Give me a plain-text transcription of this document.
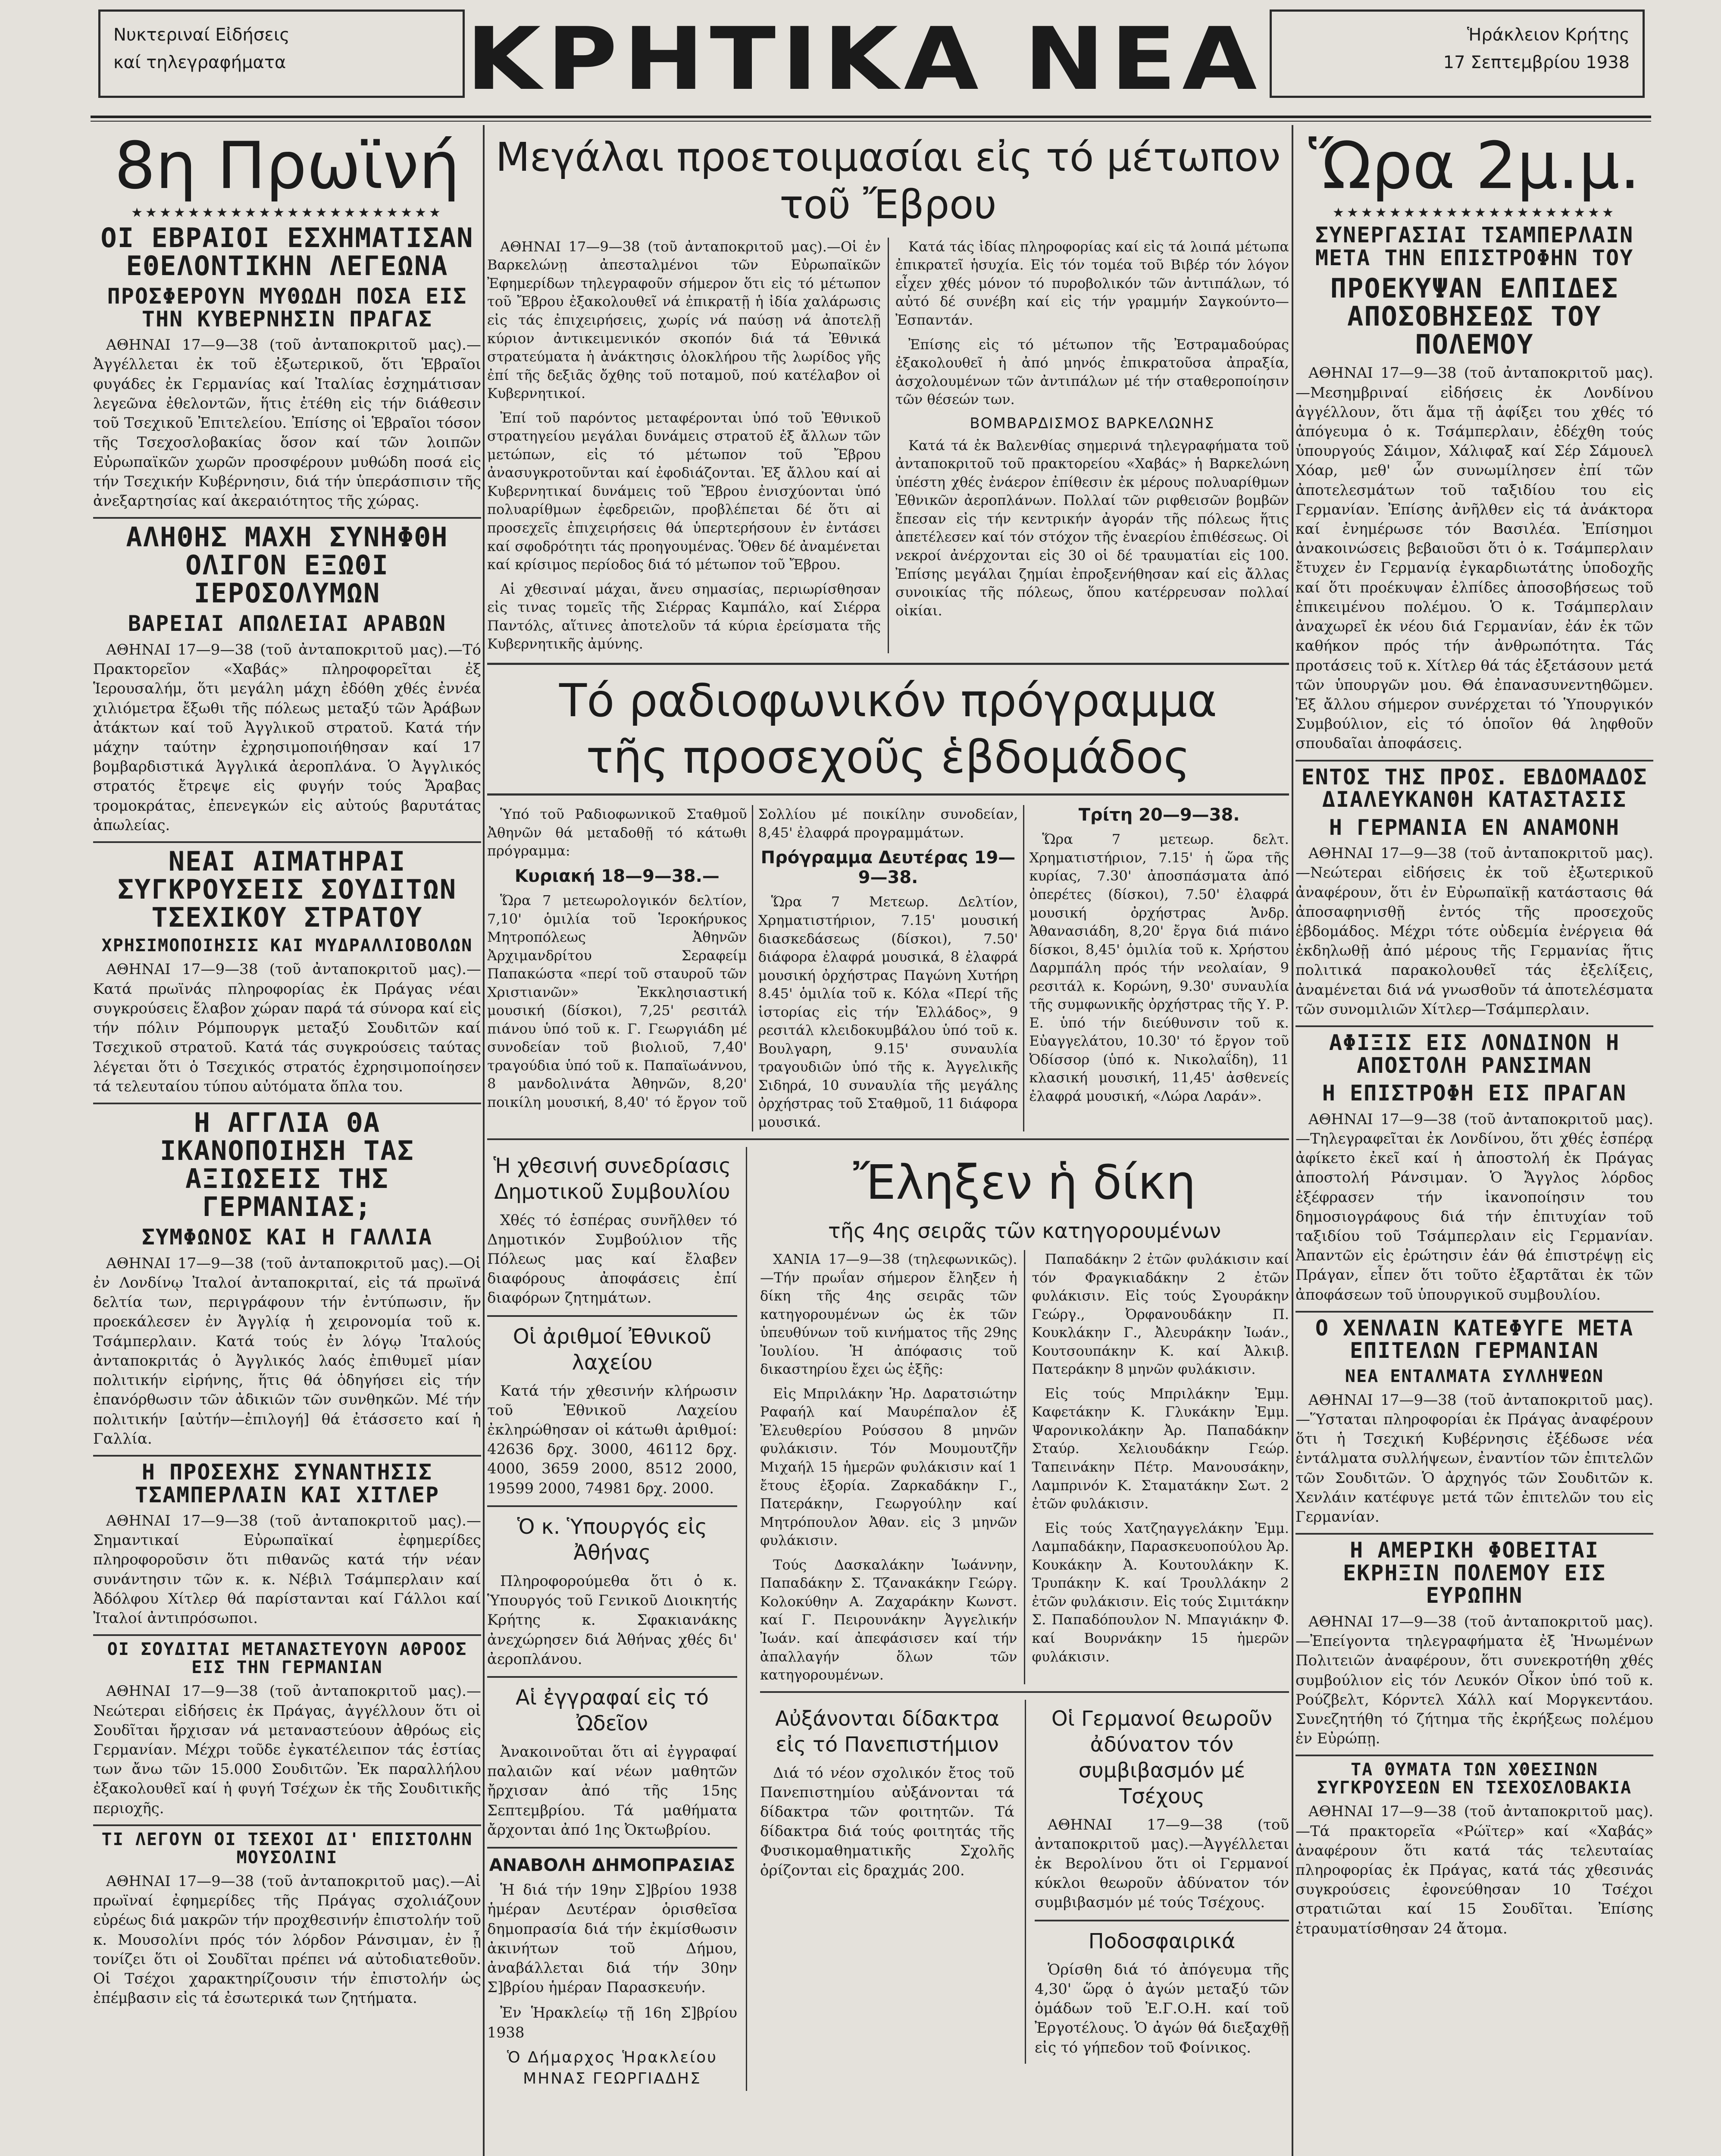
Νυκτεριναί Εἰδήσεις
καί τηλεγραφήματα	ΚΡΗΤΙΚΑ ΝΕΑ	Ἡράκλειον Κρήτης
17 Σεπτεμβρίου 1938
8η Πρωϊνή
★★★★★★★★★★★★★★★★★★★★★★
ΟΙ ΕΒΡΑΙΟΙ ΕΣΧΗΜΑΤΙΣΑΝ ΕΘΕΛΟΝΤΙΚΗΝ ΛΕΓΕΩΝΑ
ΠΡΟΣΦΕΡΟΥΝ ΜΥΘΩΔΗ ΠΟΣΑ ΕΙΣ ΤΗΝ ΚΥΒΕΡΝΗΣΙΝ ΠΡΑΓΑΣ

ΑΘΗΝΑΙ 17—9—38 (τοῦ ἀνταποκριτοῦ μας).—Ἀγγέλλεται ἐκ τοῦ ἐξωτερικοῦ, ὅτι Ἑβραῖοι φυγάδες ἐκ Γερμανίας καί Ἰταλίας ἐσχημάτισαν λεγεῶνα ἐθελοντῶν, ἥτις ἐτέθη εἰς τήν διάθεσιν τοῦ Τσεχικοῦ Ἐπιτελείου. Ἐπίσης οἱ Ἑβραῖοι τόσον τῆς Τσεχοσλοβακίας ὅσον καί τῶν λοιπῶν Εὐρωπαϊκῶν χωρῶν προσφέρουν μυθώδη ποσά εἰς τήν Τσεχικήν Κυβέρνησιν, διά τήν ὑπεράσπισιν τῆς ἀνεξαρτησίας καί ἀκεραιότητος τῆς χώρας.

ΑΛΗΘΗΣ ΜΑΧΗ ΣΥΝΗΦΘΗ ΟΛΙΓΟΝ ΕΞΩΘΙ ΙΕΡΟΣΟΛΥΜΩΝ
ΒΑΡΕΙΑΙ ΑΠΩΛΕΙΑΙ ΑΡΑΒΩΝ

ΑΘΗΝΑΙ 17—9—38 (τοῦ ἀνταποκριτοῦ μας).—Τό Πρακτορεῖον «Χαβάς» πληροφορεῖται ἐξ Ἱερουσαλήμ, ὅτι μεγάλη μάχη ἐδόθη χθές ἐννέα χιλιόμετρα ἔξωθι τῆς πόλεως μεταξύ τῶν Ἀράβων ἀτάκτων καί τοῦ Ἀγγλικοῦ στρατοῦ. Κατά τήν μάχην ταύτην ἐχρησιμοποιήθησαν καί 17 βομβαρδιστικά Ἀγγλικά ἀεροπλάνα. Ὁ Ἀγγλικός στρατός ἔτρεψε εἰς φυγήν τούς Ἄραβας τρομοκράτας, ἐπενεγκών εἰς αὐτούς βαρυτάτας ἀπωλείας.

ΝΕΑΙ ΑΙΜΑΤΗΡΑΙ ΣΥΓΚΡΟΥΣΕΙΣ ΣΟΥΔΙΤΩΝ ΤΣΕΧΙΚΟΥ ΣΤΡΑΤΟΥ
ΧΡΗΣΙΜΟΠΟΙΗΣΙΣ ΚΑΙ ΜΥΔΡΑΛΛΙΟΒΟΛΩΝ

ΑΘΗΝΑΙ 17—9—38 (τοῦ ἀνταποκριτοῦ μας).—Κατά πρωϊνάς πληροφορίας ἐκ Πράγας νέαι συγκρούσεις ἔλαβον χώραν παρά τά σύνορα καί εἰς τήν πόλιν Ρόμπουργκ μεταξύ Σουδιτῶν καί Τσεχικοῦ στρατοῦ. Κατά τάς συγκρούσεις ταύτας λέγεται ὅτι ὁ Τσεχικός στρατός ἐχρησιμοποίησεν τά τελευταίου τύπου αὐτόματα ὅπλα του.

Η ΑΓΓΛΙΑ ΘΑ ΙΚΑΝΟΠΟΙΗΣΗ ΤΑΣ ΑΞΙΩΣΕΙΣ ΤΗΣ ΓΕΡΜΑΝΙΑΣ;
ΣΥΜΦΩΝΟΣ ΚΑΙ Η ΓΑΛΛΙΑ

ΑΘΗΝΑΙ 17—9—38 (τοῦ ἀνταποκριτοῦ μας).—Οἱ ἐν Λονδίνῳ Ἰταλοί ἀνταποκριταί, εἰς τά πρωϊνά δελτία των, περιγράφουν τήν ἐντύπωσιν, ἥν προεκάλεσεν ἐν Ἀγγλίᾳ ἡ χειρονομία τοῦ κ. Τσάμπερλαιν. Κατά τούς ἐν λόγῳ Ἰταλούς ἀνταποκριτάς ὁ Ἀγγλικός λαός ἐπιθυμεῖ μίαν πολιτικήν εἰρήνης, ἥτις θά ὁδηγήσει εἰς τήν ἐπανόρθωσιν τῶν ἀδικιῶν τῶν συνθηκῶν. Μέ τήν πολιτικήν [αὐτήν—ἐπιλογή] θά ἐτάσσετο καί ἡ Γαλλία.

Η ΠΡΟΣΕΧΗΣ ΣΥΝΑΝΤΗΣΙΣ ΤΣΑΜΠΕΡΛΑΙΝ ΚΑΙ ΧΙΤΛΕΡ

ΑΘΗΝΑΙ 17—9—38 (τοῦ ἀνταποκριτοῦ μας).—Σημαντικαί Εὐρωπαϊκαί ἐφημερίδες πληροφοροῦσιν ὅτι πιθανῶς κατά τήν νέαν συνάντησιν τῶν κ. κ. Νέβιλ Τσάμπερλαιν καί Ἀδόλφου Χίτλερ θά παρίστανται καί Γάλλοι καί Ἰταλοί ἀντιπρόσωποι.

ΟΙ ΣΟΥΔΙΤΑΙ ΜΕΤΑΝΑΣΤΕΥΟΥΝ ΑΘΡΟΟΣ ΕΙΣ ΤΗΝ ΓΕΡΜΑΝΙΑΝ

ΑΘΗΝΑΙ 17—9—38 (τοῦ ἀνταποκριτοῦ μας).—Νεώτεραι εἰδήσεις ἐκ Πράγας, ἀγγέλλουν ὅτι οἱ Σουδῖται ἤρχισαν νά μεταναστεύουν ἀθρόως εἰς Γερμανίαν. Μέχρι τοῦδε ἐγκατέλειπον τάς ἑστίας των ἄνω τῶν 15.000 Σουδιτῶν. Ἐκ παραλλήλου ἐξακολουθεῖ καί ἡ φυγή Τσέχων ἐκ τῆς Σουδιτικῆς περιοχῆς.

ΤΙ ΛΕΓΟΥΝ ΟΙ ΤΣΕΧΟΙ ΔΙ' ΕΠΙΣΤΟΛΗΝ ΜΟΥΣΟΛΙΝΙ

ΑΘΗΝΑΙ 17—9—38 (τοῦ ἀνταποκριτοῦ μας).—Αἱ πρωϊναί ἐφημερίδες τῆς Πράγας σχολιάζουν εὐρέως διά μακρῶν τήν προχθεσινήν ἐπιστολήν τοῦ κ. Μουσολίνι πρός τόν λόρδον Ράνσιμαν, ἐν ᾗ τονίζει ὅτι οἱ Σουδῖται πρέπει νά αὐτοδιατεθοῦν. Οἱ Τσέχοι χαρακτηρίζουσιν τήν ἐπιστολήν ὡς ἐπέμβασιν εἰς τά ἐσωτερικά των ζητήματα.

Μεγάλαι προετοιμασίαι εἰς τό μέτωπον τοῦ Ἔβρου

ΑΘΗΝΑΙ 17—9—38 (τοῦ ἀνταποκριτοῦ μας).—Οἱ ἐν Βαρκελώνῃ ἀπεσταλμένοι τῶν Εὐρωπαϊκῶν Ἐφημερίδων τηλεγραφοῦν σήμερον ὅτι εἰς τό μέτωπον τοῦ Ἔβρου ἐξακολουθεῖ νά ἐπικρατῇ ἡ ἰδία χαλάρωσις εἰς τάς ἐπιχειρήσεις, χωρίς νά παύσῃ νά ἀποτελῇ κύριον ἀντικειμενικόν σκοπόν διά τά Ἐθνικά στρατεύματα ἡ ἀνάκτησις ὁλοκλήρου τῆς λωρίδος γῆς ἐπί τῆς δεξιᾶς ὄχθης τοῦ ποταμοῦ, πού κατέλαβον οἱ Κυβερνητικοί.

Ἐπί τοῦ παρόντος μεταφέρονται ὑπό τοῦ Ἐθνικοῦ στρατηγείου μεγάλαι δυνάμεις στρατοῦ ἐξ ἄλλων τῶν μετώπων, εἰς τό μέτωπον τοῦ Ἔβρου ἀνασυγκροτοῦνται καί ἐφοδιάζονται. Ἐξ ἄλλου καί αἱ Κυβερνητικαί δυνάμεις τοῦ Ἔβρου ἐνισχύονται ὑπό πολυαρίθμων ἐφεδρειῶν, προβλέπεται δέ ὅτι αἱ προσεχεῖς ἐπιχειρήσεις θά ὑπερτερήσουν ἐν ἐντάσει καί σφοδρότητι τάς προηγουμένας. Ὅθεν δέ ἀναμένεται καί κρίσιμος περίοδος διά τό μέτωπον τοῦ Ἔβρου.

Αἱ χθεσιναί μάχαι, ἄνευ σημασίας, περιωρίσθησαν εἰς τινας τομεῖς τῆς Σιέρρας Καμπάλο, καί Σιέρρα Παντόλς, αἵτινες ἀποτελοῦν τά κύρια ἐρείσματα τῆς Κυβερνητικῆς ἀμύνης.

Κατά τάς ἰδίας πληροφορίας καί εἰς τά λοιπά μέτωπα ἐπικρατεῖ ἡσυχία. Εἰς τόν τομέα τοῦ Βιβέρ τόν λόγον εἶχεν χθές μόνον τό πυροβολικόν τῶν ἀντιπάλων, τό αὐτό δέ συνέβη καί εἰς τήν γραμμήν Σαγκούντο—Ἐσπαντάν.

Ἐπίσης εἰς τό μέτωπον τῆς Ἐστραμαδούρας ἐξακολουθεῖ ἡ ἀπό μηνός ἐπικρατοῦσα ἀπραξία, ἀσχολουμένων τῶν ἀντιπάλων μέ τήν σταθεροποίησιν τῶν θέσεών των.

ΒΟΜΒΑΡΔΙΣΜΟΣ ΒΑΡΚΕΛΩΝΗΣ

Κατά τά ἐκ Βαλενθίας σημερινά τηλεγραφήματα τοῦ ἀνταποκριτοῦ τοῦ πρακτορείου «Χαβάς» ἡ Βαρκελώνη ὑπέστη χθές ἐνάερον ἐπίθεσιν ἐκ μέρους πολυαρίθμων Ἐθνικῶν ἀεροπλάνων. Πολλαί τῶν ριφθεισῶν βομβῶν ἔπεσαν εἰς τήν κεντρικήν ἀγοράν τῆς πόλεως ἥτις ἀπετέλεσεν καί τόν στόχον τῆς ἐναερίου ἐπιθέσεως. Οἱ νεκροί ἀνέρχονται εἰς 30 οἱ δέ τραυματίαι εἰς 100. Ἐπίσης μεγάλαι ζημίαι ἐπροξενήθησαν καί εἰς ἄλλας συνοικίας τῆς πόλεως, ὅπου κατέρρευσαν πολλαί οἰκίαι.

Τό ραδιοφωνικόν πρόγραμμα
τῆς προσεχοῦς ἑβδομάδος

Ὑπό τοῦ Ραδιοφωνικοῦ Σταθμοῦ Ἀθηνῶν θά μεταδοθῇ τό κάτωθι πρόγραμμα:

Κυριακή 18—9—38.—

Ὥρα 7 μετεωρολογικόν δελτίον, 7,10' ὁμιλία τοῦ Ἱεροκήρυκος Μητροπόλεως Ἀθηνῶν Ἀρχιμανδρίτου Σεραφείμ Παπακώστα «περί τοῦ σταυροῦ τῶν Χριστιανῶν» Ἐκκλησιαστική μουσική (δίσκοι), 7,25' ρεσιτάλ πιάνου ὑπό τοῦ κ. Γ. Γεωργιάδη μέ συνοδείαν τοῦ βιολιοῦ, 7,40' τραγούδια ὑπό τοῦ κ. Παπαϊωάννου, 8 μανδολινάτα Ἀθηνῶν, 8,20' ποικίλη μουσική, 8,40' τό ἔργον τοῦ Σολλίου μέ ποικίλην συνοδείαν, 8,45' ἐλαφρά προγραμμάτων.

Πρόγραμμα Δευτέρας 19—9—38.

Ὥρα 7 Μετεωρ. Δελτίον, Χρηματιστήριον, 7.15' μουσική διασκεδάσεως (δίσκοι), 7.50' διάφορα ἐλαφρά μουσικά, 8 ἐλαφρά μουσική ὀρχήστρας Παγώνη Χυτήρη 8.45' ὁμιλία τοῦ κ. Κόλα «Περί τῆς ἱστορίας εἰς τήν Ἑλλάδος», 9 ρεσιτάλ κλειδοκυμβάλου ὑπό τοῦ κ. Βουλγαρη, 9.15' συναυλία τραγουδιῶν ὑπό τῆς κ. Ἀγγελικῆς Σιδηρά, 10 συναυλία τῆς μεγάλης ὀρχήστρας τοῦ Σταθμοῦ, 11 διάφορα μουσικά.

Τρίτη 20—9—38.

Ὥρα 7 μετεωρ. δελτ. Χρηματιστήριον, 7.15' ἡ ὥρα τῆς κυρίας, 7.30' ἀποσπάσματα ἀπό ὀπερέτες (δίσκοι), 7.50' ἐλαφρά μουσική ὀρχήστρας Ἀνδρ. Ἀθανασιάδη, 8,20' ἔργα διά πιάνο δίσκοι, 8,45' ὁμιλία τοῦ κ. Χρήστου Δαρμπάλη πρός τήν νεολαίαν, 9 ρεσιτάλ κ. Κορώνη, 9.30' συναυλία τῆς συμφωνικῆς ὀρχήστρας τῆς Υ. Ρ. Ε. ὑπό τήν διεύθυνσιν τοῦ κ. Εὐαγγελάτου, 10.30' τό ἔργον τοῦ Ὀδίσσορ (ὑπό κ. Νικολαΐδη), 11 κλασική μουσική, 11,45' ἀσθενείς ἐλαφρά μουσική, «Λώρα Λαράν».

Ἡ χθεσινή συνεδρίασις
Δημοτικοῦ Συμβουλίου

Χθές τό ἑσπέρας συνῆλθεν τό Δημοτικόν Συμβούλιον τῆς Πόλεως μας καί ἔλαβεν διαφόρους ἀποφάσεις ἐπί διαφόρων ζητημάτων.

Οἱ ἀριθμοί Ἐθνικοῦ λαχείου

Κατά τήν χθεσινήν κλήρωσιν τοῦ Ἐθνικοῦ Λαχείου ἐκληρώθησαν οἱ κάτωθι ἀριθμοί: 42636 δρχ. 3000, 46112 δρχ. 4000, 3659 2000, 8512 2000, 19599 2000, 74981 δρχ. 2000.

Ὁ κ. Ὑπουργός εἰς Ἀθήνας

Πληροφορούμεθα ὅτι ὁ κ. Ὑπουργός τοῦ Γενικοῦ Διοικητής Κρήτης κ. Σφακιανάκης ἀνεχώρησεν διά Ἀθήνας χθές δι' ἀεροπλάνου.

Αἱ ἐγγραφαί εἰς τό Ὠδεῖον

Ἀνακοινοῦται ὅτι αἱ ἐγγραφαί παλαιῶν καί νέων μαθητῶν ἤρχισαν ἀπό τῆς 15ης Σεπτεμβρίου. Τά μαθήματα ἄρχονται ἀπό 1ης Ὀκτωβρίου.

ΑΝΑΒΟΛΗ ΔΗΜΟΠΡΑΣΙΑΣ

Ἡ διά τήν 19ην Σ]βρίου 1938 ἡμέραν Δευτέραν ὁρισθεῖσα δημοπρασία διά τήν ἐκμίσθωσιν ἀκινήτων τοῦ Δήμου, ἀναβάλλεται διά τήν 30ην Σ]βρίου ἡμέραν Παρασκευήν.

Ἐν Ἡρακλείῳ τῇ 16η Σ]βρίου 1938

Ὁ Δήμαρχος Ἡρακλείου
ΜΗΝΑΣ ΓΕΩΡΓΙΑΔΗΣ
Ἔληξεν ἡ δίκη
τῆς 4ης σειρᾶς τῶν κατηγορουμένων

ΧΑΝΙΑ 17—9—38 (τηλεφωνικῶς).—Τήν πρωΐαν σήμερον ἔληξεν ἡ δίκη τῆς 4ης σειρᾶς τῶν κατηγορουμένων ὡς ἐκ τῶν ὑπευθύνων τοῦ κινήματος τῆς 29ης Ἰουλίου. Ἡ ἀπόφασις τοῦ δικαστηρίου ἔχει ὡς ἑξῆς:

Εἰς Μπριλάκην Ἡρ. Δαρατσιώτην Ραφαήλ καί Μαυρέπαλον ἐξ Ἐλευθερίου Ρούσσου 8 μηνῶν φυλάκισιν. Τόν Μουμουτζῆν Μιχαήλ 15 ἡμερῶν φυλάκισιν καί 1 ἔτους ἐξορία. Ζαρκαδάκην Γ., Πατεράκην, Γεωργούλην καί Μητρόπουλον Ἀθαν. εἰς 3 μηνῶν φυλάκισιν.

Τούς Δασκαλάκην Ἰωάννην, Παπαδάκην Σ. Τζανακάκην Γεώργ. Κολοκύθην Α. Ζαχαράκην Κωνστ. καί Γ. Πειρουνάκην Ἀγγελικήν Ἰωάν. καί ἀπεφάσισεν καί τήν ἀπαλλαγήν ὅλων τῶν κατηγορουμένων.

Παπαδάκην 2 ἐτῶν φυλάκισιν καί τόν Φραγκιαδάκην 2 ἐτῶν φυλάκισιν. Εἰς τούς Σγουράκην Γεώργ., Ὀρφανουδάκην Π. Κουκλάκην Γ., Ἀλευράκην Ἰωάν., Κουτσουπάκην Κ. καί Ἀλκιβ. Πατεράκην 8 μηνῶν φυλάκισιν.

Εἰς τούς Μπριλάκην Ἐμμ. Καφετάκην Κ. Γλυκάκην Ἐμμ. Ψαρονικολάκην Ἀρ. Παπαδάκην Σταύρ. Χελιουδάκην Γεώρ. Ταπεινάκην Πέτρ. Μανουσάκην, Λαμπρινόν Κ. Σταματάκην Σωτ. 2 ἐτῶν φυλάκισιν.

Εἰς τούς Χατζηαγγελάκην Ἐμμ. Λαμπαδάκην, Παρασκευοπούλου Ἀρ. Κουκάκην Ἀ. Κουτουλάκην Κ. Τρυπάκην Κ. καί Τρουλλάκην 2 ἐτῶν φυλάκισιν. Εἰς τούς Σιμιτάκην Σ. Παπαδόπουλον Ν. Μπαγιάκην Φ. καί Βουρνάκην 15 ἡμερῶν φυλάκισιν.

Αὐξάνονται δίδακτρα
εἰς τό Πανεπιστήμιον

Διά τό νέον σχολικόν ἔτος τοῦ Πανεπιστημίου αὐξάνονται τά δίδακτρα τῶν φοιτητῶν. Τά δίδακτρα διά τούς φοιτητάς τῆς Φυσικομαθηματικῆς Σχολῆς ὁρίζονται εἰς δραχμάς 200.

Οἱ Γερμανοί θεωροῦν
ἀδύνατον τόν συμβιβασμόν μέ Τσέχους

ΑΘΗΝΑΙ 17—9—38 (τοῦ ἀνταποκριτοῦ μας).—Ἀγγέλλεται ἐκ Βερολίνου ὅτι οἱ Γερμανοί κύκλοι θεωροῦν ἀδύνατον τόν συμβιβασμόν μέ τούς Τσέχους.

Ποδοσφαιρικά

Ὁρίσθη διά τό ἀπόγευμα τῆς 4,30' ὥρᾳ ὁ ἀγών μεταξύ τῶν ὁμάδων τοῦ Ἐ.Γ.Ο.Η. καί τοῦ Ἐργοτέλους. Ὁ ἀγών θά διεξαχθῇ εἰς τό γήπεδον τοῦ Φοίνικος.

Ὥρα 2μ.μ.
★★★★★★★★★★★★★★★★★★★★
ΣΥΝΕΡΓΑΣΙΑΙ ΤΣΑΜΠΕΡΛΑΙΝ ΜΕΤΑ ΤΗΝ ΕΠΙΣΤΡΟΦΗΝ ΤΟΥ
ΠΡΟΕΚΥΨΑΝ ΕΛΠΙΔΕΣ ΑΠΟΣΟΒΗΣΕΩΣ ΤΟΥ ΠΟΛΕΜΟΥ

ΑΘΗΝΑΙ 17—9—38 (τοῦ ἀνταποκριτοῦ μας).—Μεσημβριναί εἰδήσεις ἐκ Λονδίνου ἀγγέλλουν, ὅτι ἅμα τῇ ἀφίξει του χθές τό ἀπόγευμα ὁ κ. Τσάμπερλαιν, ἐδέχθη τούς ὑπουργούς Σάιμον, Χάλιφαξ καί Σέρ Σάμουελ Χόαρ, μεθ' ὧν συνωμίλησεν ἐπί τῶν ἀποτελεσμάτων τοῦ ταξιδίου του εἰς Γερμανίαν. Ἐπίσης ἀνῆλθεν εἰς τά ἀνάκτορα καί ἐνημέρωσε τόν Βασιλέα. Ἐπίσημοι ἀνακοινώσεις βεβαιοῦσι ὅτι ὁ κ. Τσάμπερλαιν ἔτυχεν ἐν Γερμανίᾳ ἐγκαρδιωτάτης ὑποδοχῆς καί ὅτι προέκυψαν ἐλπίδες ἀποσοβήσεως τοῦ ἐπικειμένου πολέμου. Ὁ κ. Τσάμπερλαιν ἀναχωρεῖ ἐκ νέου διά Γερμανίαν, ἐάν ἐκ τῶν καθήκον πρός τήν ἀνθρωπότητα. Τάς προτάσεις τοῦ κ. Χίτλερ θά τάς ἐξετάσουν μετά τῶν ὑπουργῶν μου. Θά ἐπανασυνεντηθῶμεν. Ἐξ ἄλλου σήμερον συνέρχεται τό Ὑπουργικόν Συμβούλιον, εἰς τό ὁποῖον θά ληφθοῦν σπουδαῖαι ἀποφάσεις.

ΕΝΤΟΣ ΤΗΣ ΠΡΟΣ. ΕΒΔΟΜΑΔΟΣ ΔΙΑΛΕΥΚΑΝΘΗ ΚΑΤΑΣΤΑΣΙΣ
Η ΓΕΡΜΑΝΙΑ ΕΝ ΑΝΑΜΟΝΗ

ΑΘΗΝΑΙ 17—9—38 (τοῦ ἀνταποκριτοῦ μας).—Νεώτεραι εἰδήσεις ἐκ τοῦ ἐξωτερικοῦ ἀναφέρουν, ὅτι ἐν Εὐρωπαϊκῇ κατάστασις θά ἀποσαφηνισθῇ ἐντός τῆς προσεχοῦς ἑβδομάδος. Μέχρι τότε οὐδεμία ἐνέργεια θά ἐκδηλωθῇ ἀπό μέρους τῆς Γερμανίας ἥτις πολιτικά παρακολουθεῖ τάς ἐξελίξεις, ἀναμένεται διά νά γνωσθοῦν τά ἀποτελέσματα τῶν συνομιλιῶν Χίτλερ—Τσάμπερλαιν.

ΑΦΙΞΙΣ ΕΙΣ ΛΟΝΔΙΝΟΝ Η ΑΠΟΣΤΟΛΗ ΡΑΝΣΙΜΑΝ
Η ΕΠΙΣΤΡΟΦΗ ΕΙΣ ΠΡΑΓΑΝ

ΑΘΗΝΑΙ 17—9—38 (τοῦ ἀνταποκριτοῦ μας).—Τηλεγραφεῖται ἐκ Λονδίνου, ὅτι χθές ἑσπέρᾳ ἀφίκετο ἐκεῖ καί ἡ ἀποστολή ἐκ Πράγας ἀποστολή Ράνσιμαν. Ὁ Ἄγγλος λόρδος ἐξέφρασεν τήν ἱκανοποίησιν του δημοσιογράφους διά τήν ἐπιτυχίαν τοῦ ταξιδίου τοῦ Τσάμπερλαιν εἰς Γερμανίαν. Ἀπαντῶν εἰς ἐρώτησιν ἐάν θά ἐπιστρέψῃ εἰς Πράγαν, εἶπεν ὅτι τοῦτο ἐξαρτᾶται ἐκ τῶν ἀποφάσεων τοῦ ὑπουργικοῦ συμβουλίου.

Ο ΧΕΝΛΑΙΝ ΚΑΤΕΦΥΓΕ ΜΕΤΑ ΕΠΙΤΕΛΩΝ ΓΕΡΜΑΝΙΑΝ
ΝΕΑ ΕΝΤΑΛΜΑΤΑ ΣΥΛΛΗΨΕΩΝ

ΑΘΗΝΑΙ 17—9—38 (τοῦ ἀνταποκριτοῦ μας).—Ὕσταται πληροφορίαι ἐκ Πράγας ἀναφέρουν ὅτι ἡ Τσεχική Κυβέρνησις ἐξέδωσε νέα ἐντάλματα συλλήψεων, ἐναντίον τῶν ἐπιτελῶν τῶν Σουδιτῶν. Ὁ ἀρχηγός τῶν Σουδιτῶν κ. Χενλάιν κατέφυγε μετά τῶν ἐπιτελῶν του εἰς Γερμανίαν.

Η ΑΜΕΡΙΚΗ ΦΟΒΕΙΤΑΙ ΕΚΡΗΞΙΝ ΠΟΛΕΜΟΥ ΕΙΣ ΕΥΡΩΠΗΝ

ΑΘΗΝΑΙ 17—9—38 (τοῦ ἀνταποκριτοῦ μας).—Ἐπείγοντα τηλεγραφήματα ἐξ Ἡνωμένων Πολιτειῶν ἀναφέρουν, ὅτι συνεκροτήθη χθές συμβούλιον εἰς τόν Λευκόν Οἶκον ὑπό τοῦ κ. Ρούζβελτ, Κόρντελ Χάλλ καί Μοργκεντάου. Συνεζητήθη τό ζήτημα τῆς ἐκρήξεως πολέμου ἐν Εὐρώπῃ.

ΤΑ ΘΥΜΑΤΑ ΤΩΝ ΧΘΕΣΙΝΩΝ ΣΥΓΚΡΟΥΣΕΩΝ ΕΝ ΤΣΕΧΟΣΛΟΒΑΚΙΑ

ΑΘΗΝΑΙ 17—9—38 (τοῦ ἀνταποκριτοῦ μας).—Τά πρακτορεῖα «Ρώϊτερ» καί «Χαβάς» ἀναφέρουν ὅτι κατά τάς τελευταίας πληροφορίας ἐκ Πράγας, κατά τάς χθεσινάς συγκρούσεις ἐφονεύθησαν 10 Τσέχοι στρατιῶται καί 15 Σουδῖται. Ἐπίσης ἐτραυματίσθησαν 24 ἄτομα.
